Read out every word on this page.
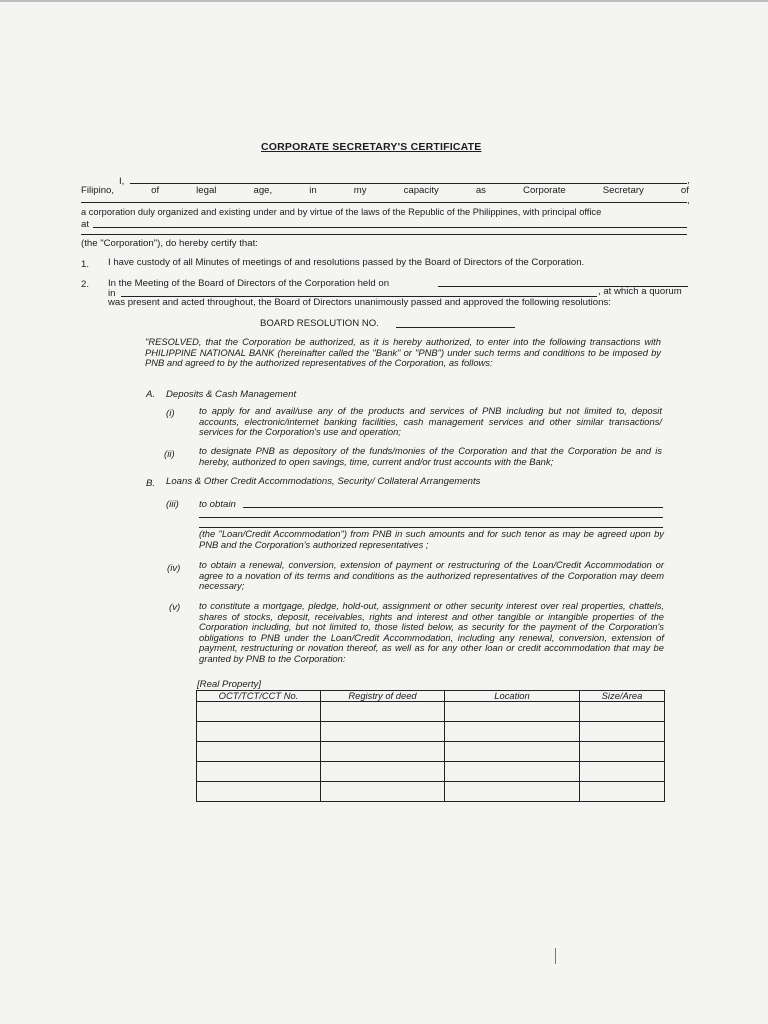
CORPORATE SECRETARY'S CERTIFICATE
I,	,
Filipino,	of	legal	age,	in	my	capacity	as	Corporate	Secretary	of
,
a corporation duly organized and existing under and by virtue of the laws of the Republic of the Philippines, with principal office
at
(the "Corporation"), do hereby certify that:
1. I have custody of all Minutes of meetings of and resolutions passed by the Board of Directors of the Corporation.
2. In the Meeting of the Board of Directors of the Corporation held on
in	, at which a quorum
was present and acted throughout, the Board of Directors unanimously passed and approved the following resolutions:
BOARD RESOLUTION NO.
"RESOLVED, that the Corporation be authorized, as it is hereby authorized, to enter into the following transactions with PHILIPPINE NATIONAL BANK (hereinafter called the "Bank" or "PNB") under such terms and conditions to be imposed by PNB and agreed to by the authorized representatives of the Corporation, as follows:
A. Deposits & Cash Management
(i)	to apply for and avail/use any of the products and services of PNB including but not limited to, deposit accounts, electronic/internet banking facilities, cash management services and other similar transactions/ services for the Corporation's use and operation;
(ii)	to designate PNB as depository of the funds/monies of the Corporation and that the Corporation be and is hereby, authorized to open savings, time, current and/or trust accounts with the Bank;
B. Loans & Other Credit Accommodations, Security/ Collateral Arrangements
(iii) to obtain
(the "Loan/Credit Accommodation") from PNB in such amounts and for such tenor as may be agreed upon by PNB and the Corporation's authorized representatives ;
(iv) to obtain a renewal, conversion, extension of payment or restructuring of the Loan/Credit Accommodation or agree to a novation of its terms and conditions as the authorized representatives of the Corporation may deem necessary;
(v) to constitute a mortgage, pledge, hold-out, assignment or other security interest over real properties, chattels, shares of stocks, deposit, receivables, rights and interest and other tangible or intangible properties of the Corporation including, but not limited to, those listed below, as security for the payment of the Corporation's obligations to PNB under the Loan/Credit Accommodation, including any renewal, conversion, extension of payment, restructuring or novation thereof, as well as for any other loan or credit accommodation that may be granted by PNB to the Corporation:
[Real Property]
OCT/TCT/CCT No.	Registry of deed	Location	Size/Area
